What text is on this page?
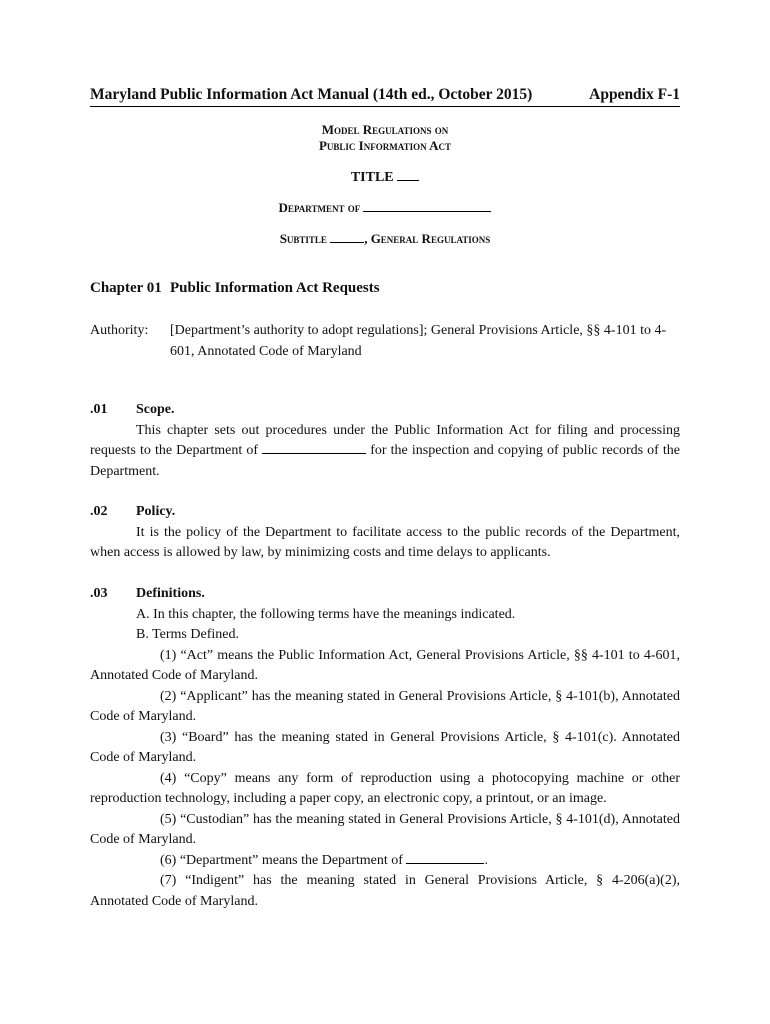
Maryland Public Information Act Manual (14th ed., October 2015)	Appendix F-1
Model Regulations on
Public Information Act
TITLE
Department of
Subtitle	, General Regulations
Chapter 01 Public Information Act Requests
Authority: [Department’s authority to adopt regulations]; General Provisions Article, §§ 4-101 to 4-601, Annotated Code of Maryland
.01 Scope.

This chapter sets out procedures under the Public Information Act for filing and processing requests to the Department of	for the inspection and copying of public records of the Department.

.02 Policy.

It is the policy of the Department to facilitate access to the public records of the Department, when access is allowed by law, by minimizing costs and time delays to applicants.

.03 Definitions.

A. In this chapter, the following terms have the meanings indicated.

B. Terms Defined.

(1) “Act” means the Public Information Act, General Provisions Article, §§ 4-101 to 4-601, Annotated Code of Maryland.

(2) “Applicant” has the meaning stated in General Provisions Article, § 4-101(b), Annotated Code of Maryland.

(3) “Board” has the meaning stated in General Provisions Article, § 4-101(c). Annotated Code of Maryland.

(4) “Copy” means any form of reproduction using a photocopying machine or other reproduction technology, including a paper copy, an electronic copy, a printout, or an image.

(5) “Custodian” has the meaning stated in General Provisions Article, § 4-101(d), Annotated Code of Maryland.

(6) “Department” means the Department of	.

(7) “Indigent” has the meaning stated in General Provisions Article, § 4-206(a)(2), Annotated Code of Maryland.
